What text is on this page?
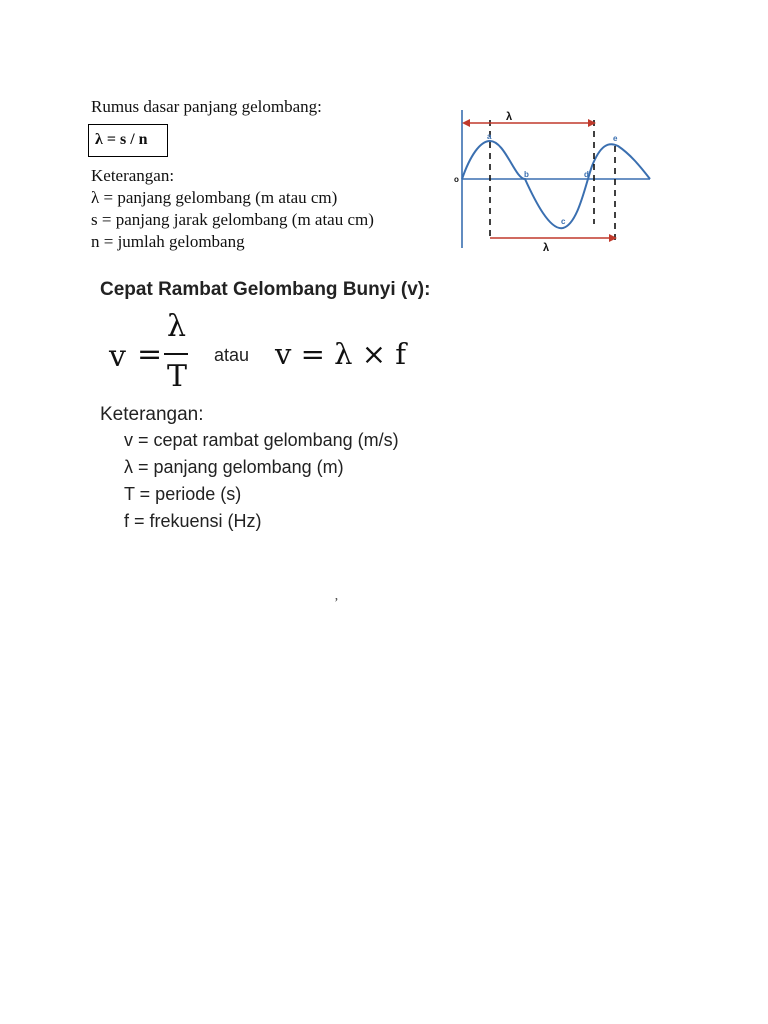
Rumus dasar panjang gelombang:
λ = s / n
Keterangan:
λ = panjang gelombang (m atau cm)
s = panjang jarak gelombang (m atau cm)
n = jumlah gelombang
λ
λ
o
a
b
c
d
e
Cepat Rambat Gelombang Bunyi (v):
v =
λ
T
atau v = λ × f
Keterangan:
v = cepat rambat gelombang (m/s)
λ = panjang gelombang (m)
T = periode (s)
f = frekuensi (Hz)
’
